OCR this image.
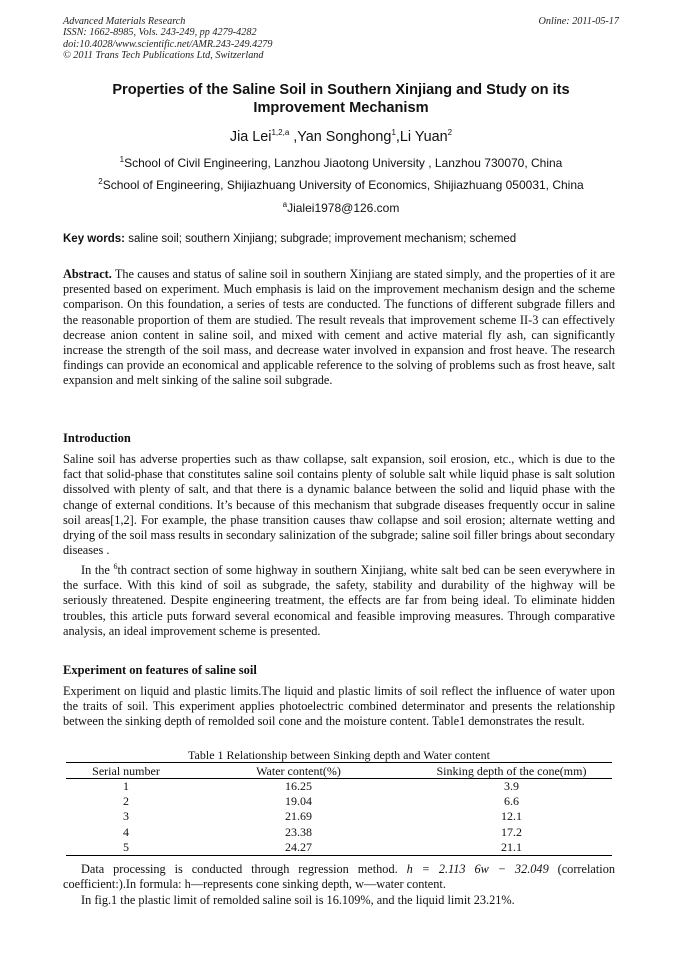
Advanced Materials Research
ISSN: 1662-8985, Vols. 243-249, pp 4279-4282
doi:10.4028/www.scientific.net/AMR.243-249.4279
© 2011 Trans Tech Publications Ltd, Switzerland
Online: 2011-05-17
Properties of the Saline Soil in Southern Xinjiang and Study on its
Improvement Mechanism
Jia Lei$^{1,2,a}$ ,Yan Songhong$^1$,Li Yuan$^2$
$^1$School of Civil Engineering, Lanzhou Jiaotong University , Lanzhou 730070, China
$^2$School of Engineering, Shijiazhuang University of Economics, Shijiazhuang 050031, China
$^a$Jialei1978@126.com
Key words: saline soil; southern Xinjiang; subgrade; improvement mechanism; schemed
Abstract. The causes and status of saline soil in southern Xinjiang are stated simply, and the properties of it are presented based on experiment. Much emphasis is laid on the improvement mechanism design and the scheme comparison. On this foundation, a series of tests are conducted. The functions of different subgrade fillers and the reasonable proportion of them are studied. The result reveals that improvement scheme II-3 can effectively decrease anion content in saline soil, and mixed with cement and active material fly ash, can significantly increase the strength of the soil mass, and decrease water involved in expansion and frost heave. The research findings can provide an economical and applicable reference to the solving of problems such as frost heave, salt expansion and melt sinking of the saline soil subgrade.
Introduction
Saline soil has adverse properties such as thaw collapse, salt expansion, soil erosion, etc., which is due to the fact that solid-phase that constitutes saline soil contains plenty of soluble salt while liquid phase is salt solution dissolved with plenty of salt, and that there is a dynamic balance between the solid and liquid phase with the change of external conditions. It’s because of this mechanism that subgrade diseases frequently occur in saline soil areas[1,2]. For example, the phase transition causes thaw collapse and soil erosion; alternate wetting and drying of the soil mass results in secondary salinization of the subgrade; saline soil filler brings about secondary diseases .
In the $^6$th contract section of some highway in southern Xinjiang, white salt bed can be seen everywhere in the surface. With this kind of soil as subgrade, the safety, stability and durability of the highway will be seriously threatened. Despite engineering treatment, the effects are far from being ideal. To eliminate hidden troubles, this article puts forward several economical and feasible improving measures. Through comparative analysis, an ideal improvement scheme is presented.
Experiment on features of saline soil
Experiment on liquid and plastic limits.The liquid and plastic limits of soil reflect the influence of water upon the traits of soil. This experiment applies photoelectric combined determinator and presents the relationship between the sinking depth of remolded soil cone and the moisture content. Table1 demonstrates the result.
Table 1 Relationship between Sinking depth and Water content
Serial number	Water content(%)	Sinking depth of the cone(mm)
1	16.25	3.9
2	19.04	6.6
3	21.69	12.1
4	23.38	17.2
5	24.27	21.1
Data processing is conducted through regression method. h = 2.113 6w − 32.049 (correlation coefficient:).In formula: h—represents cone sinking depth, w—water content.
In fig.1 the plastic limit of remolded saline soil is 16.109%, and the liquid limit 23.21%.
